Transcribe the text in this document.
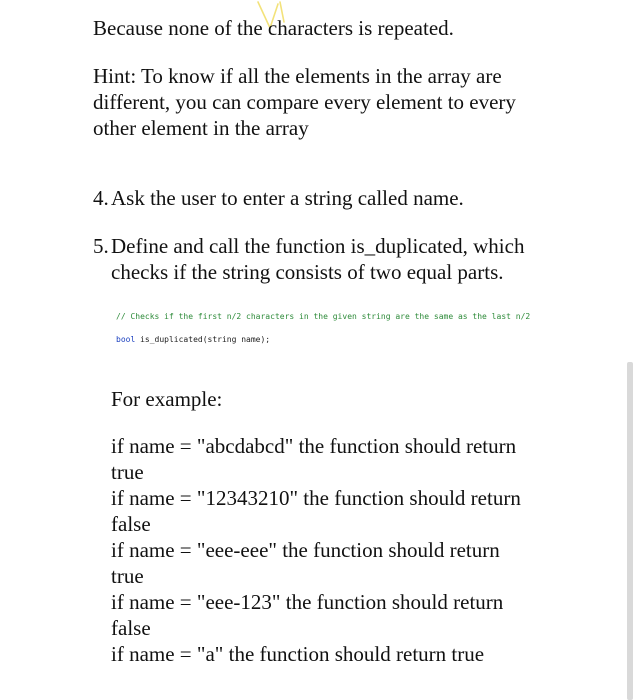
Because none of the characters is repeated.

Hint: To know if all the elements in the array are
different, you can compare every element to every
other element in the array
4. Ask the user to enter a string called name.
5. Define and call the function is_duplicated, which
checks if the string consists of two equal parts.
// Checks if the first n/2 characters in the given string are the same as the last n/2
bool is_duplicated(string name);

For example:

if name = "abcdabcd" the function should return
true
if name = "12343210" the function should return
false
if name = "eee-eee" the function should return
true
if name = "eee-123" the function should return
false
if name = "a" the function should return true
